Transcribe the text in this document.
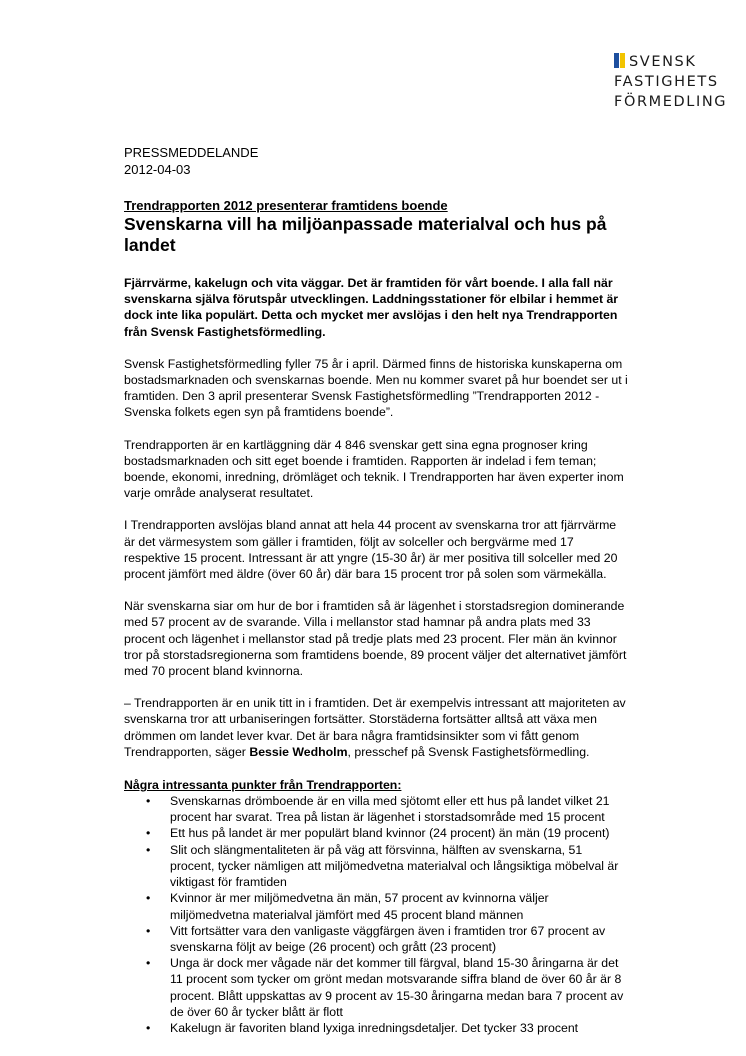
SVENSK
FASTIGHETS
FÖRMEDLING
PRESSMEDDELANDE
2012-04-03
Trendrapporten 2012 presenterar framtidens boende
Svenskarna vill ha miljöanpassade materialval och hus på landet

Fjärrvärme, kakelugn och vita väggar. Det är framtiden för vårt boende. I alla fall när svenskarna själva förutspår utvecklingen. Laddningsstationer för elbilar i hemmet är dock inte lika populärt. Detta och mycket mer avslöjas i den helt nya Trendrapporten från Svensk Fastighetsförmedling.

Svensk Fastighetsförmedling fyller 75 år i april. Därmed finns de historiska kunskaperna om bostadsmarknaden och svenskarnas boende. Men nu kommer svaret på hur boendet ser ut i framtiden. Den 3 april presenterar Svensk Fastighetsförmedling ”Trendrapporten 2012 - Svenska folkets egen syn på framtidens boende”.

Trendrapporten är en kartläggning där 4 846 svenskar gett sina egna prognoser kring bostadsmarknaden och sitt eget boende i framtiden. Rapporten är indelad i fem teman; boende, ekonomi, inredning, drömläget och teknik. I Trendrapporten har även experter inom varje område analyserat resultatet.

I Trendrapporten avslöjas bland annat att hela 44 procent av svenskarna tror att fjärrvärme är det värmesystem som gäller i framtiden, följt av solceller och bergvärme med 17 respektive 15 procent. Intressant är att yngre (15-30 år) är mer positiva till solceller med 20 procent jämfört med äldre (över 60 år) där bara 15 procent tror på solen som värmekälla.

När svenskarna siar om hur de bor i framtiden så är lägenhet i storstadsregion dominerande med 57 procent av de svarande. Villa i mellanstor stad hamnar på andra plats med 33 procent och lägenhet i mellanstor stad på tredje plats med 23 procent. Fler män än kvinnor tror på storstadsregionerna som framtidens boende, 89 procent väljer det alternativet jämfört med 70 procent bland kvinnorna.

– Trendrapporten är en unik titt in i framtiden. Det är exempelvis intressant att majoriteten av svenskarna tror att urbaniseringen fortsätter. Storstäderna fortsätter alltså att växa men drömmen om landet lever kvar. Det är bara några framtidsinsikter som vi fått genom Trendrapporten, säger Bessie Wedholm, presschef på Svensk Fastighetsförmedling.

Några intressanta punkter från Trendrapporten:
• Svenskarnas drömboende är en villa med sjötomt eller ett hus på landet vilket 21 procent har svarat. Trea på listan är lägenhet i storstadsområde med 15 procent
• Ett hus på landet är mer populärt bland kvinnor (24 procent) än män (19 procent)
• Slit och slängmentaliteten är på väg att försvinna, hälften av svenskarna, 51 procent, tycker nämligen att miljömedvetna materialval och långsiktiga möbelval är viktigast för framtiden
• Kvinnor är mer miljömedvetna än män, 57 procent av kvinnorna väljer miljömedvetna materialval jämfört med 45 procent bland männen
• Vitt fortsätter vara den vanligaste väggfärgen även i framtiden tror 67 procent av svenskarna följt av beige (26 procent) och grått (23 procent)
• Unga är dock mer vågade när det kommer till färgval, bland 15-30 åringarna är det 11 procent som tycker om grönt medan motsvarande siffra bland de över 60 år är 8 procent. Blått uppskattas av 9 procent av 15-30 åringarna medan bara 7 procent av de över 60 år tycker blått är flott
• Kakelugn är favoriten bland lyxiga inredningsdetaljer. Det tycker 33 procent
